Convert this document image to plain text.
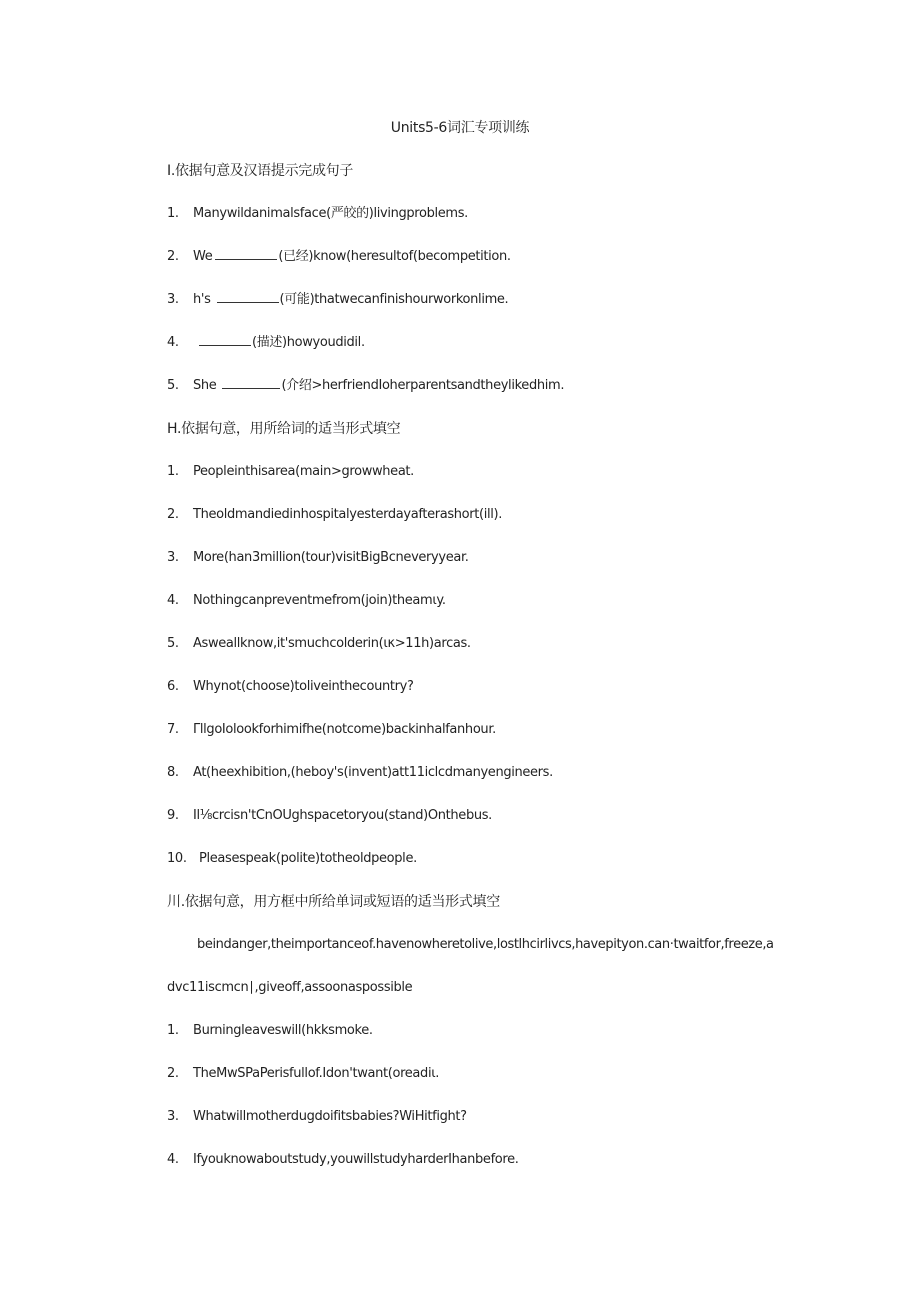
Units5-6词汇专项训练
I.依据句意及汉语提示完成句子
1. Manywildanimalsface(严皎的)livingproblems.
2. We	(已经)know(heresultof(becompetition.
3. h's	(可能)thatwecanfinishourworkonlime.
4.	(描述)howyoudidil.
5. She	(介绍>herfriendIoherparentsandtheylikedhim.
H.依据句意，用所给词的适当形式填空
1. Peopleinthisarea(main>growwheat.
2. Theoldmandiedinhospitalyesterdayafterashort(ill).
3. More(han3million(tour)visitBigBcneveryyear.
4. Nothingcanpreventmefrom(join)theamιy.
5. Asweallknow,it'smuchcolderin(ικ>11h)arcas.
6. Whynot(choose)toliveinthecountry?
7. ΓllgoIolookforhimifhe(notcome)backinhalfanhour.
8. At(heexhibition,(heboy's(invent)att11iclcdmanyengineers.
9. Il⅛crcisn'tCnOUghspacetoryou(stand)Onthebus.
10. Pleasespeak(polite)totheoldpeople.
川.依据句意，用方框中所给单词或短语的适当形式填空
beindanger,theimportanceof.havenowheretolive,lostlhcirlivcs,havepityon.can·twaitfor,freeze,a
dvc11iscmcn∣,giveoff,assoonaspossible
1. Burningleaveswill(hkksmoke.
2. TheMwSPaPerisfullof.Idon'twant(oreadiι.
3. Whatwillmotherdugdoifitsbabies?WiHitfight?
4. Ifyouknowaboutstudy,youwillstudyharderIhanbefore.
